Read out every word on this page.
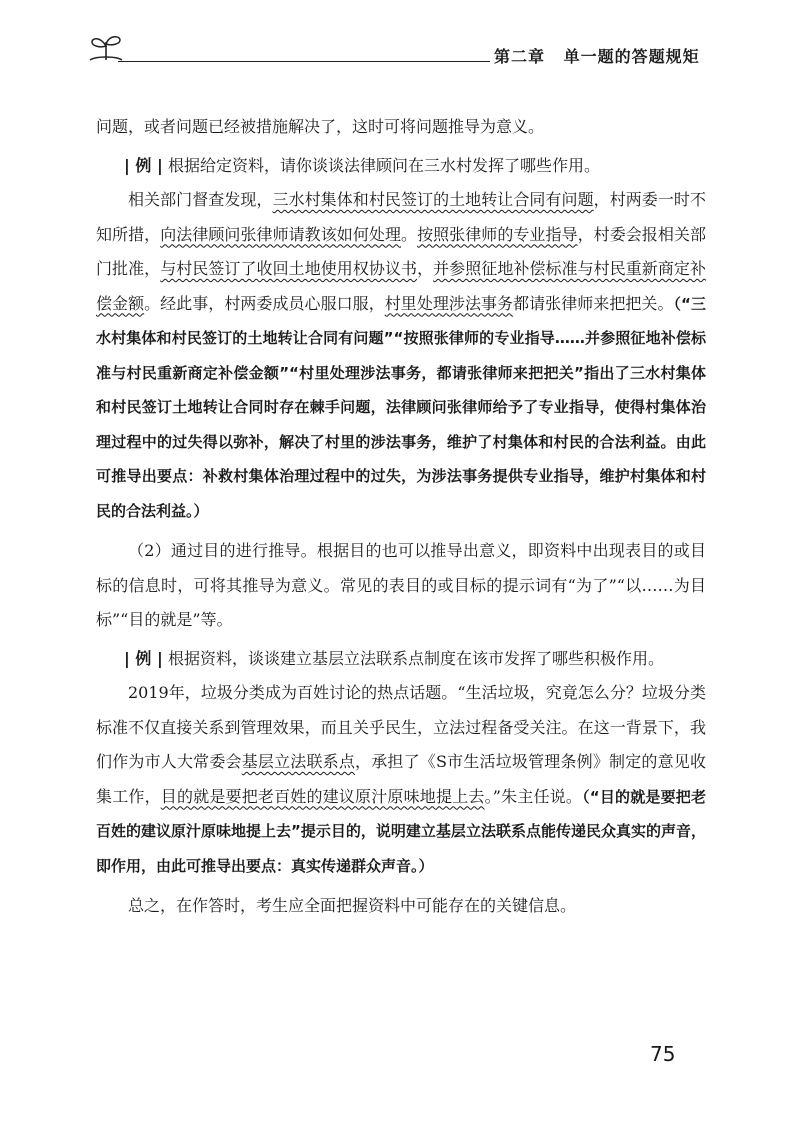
第二章 单一题的答题规矩

问题，或者问题已经被措施解决了，这时可将问题推导为意义。

| 例 | 根据给定资料，请你谈谈法律顾问在三水村发挥了哪些作用。

相关部门督查发现，三水村集体和村民签订的土地转让合同有问题，村两委一时不知所措，向法律顾问张律师请教该如何处理。按照张律师的专业指导，村委会报相关部门批准，与村民签订了收回土地使用权协议书，并参照征地补偿标准与村民重新商定补偿金额。经此事，村两委成员心服口服，村里处理涉法事务都请张律师来把把关。（“三水村集体和村民签订的土地转让合同有问题”“按照张律师的专业指导……并参照征地补偿标准与村民重新商定补偿金额”“村里处理涉法事务，都请张律师来把把关”指出了三水村集体和村民签订土地转让合同时存在棘手问题，法律顾问张律师给予了专业指导，使得村集体治理过程中的过失得以弥补，解决了村里的涉法事务，维护了村集体和村民的合法利益。由此可推导出要点：补救村集体治理过程中的过失，为涉法事务提供专业指导，维护村集体和村民的合法利益。）

（2）通过目的进行推导。根据目的也可以推导出意义，即资料中出现表目的或目标的信息时，可将其推导为意义。常见的表目的或目标的提示词有“为了”“以……为目标”“目的就是”等。

| 例 | 根据资料，谈谈建立基层立法联系点制度在该市发挥了哪些积极作用。

2019年，垃圾分类成为百姓讨论的热点话题。“生活垃圾，究竟怎么分？垃圾分类标准不仅直接关系到管理效果，而且关乎民生，立法过程备受关注。在这一背景下，我们作为市人大常委会基层立法联系点，承担了《S市生活垃圾管理条例》制定的意见收集工作，目的就是要把老百姓的建议原汁原味地提上去。”朱主任说。（“目的就是要把老百姓的建议原汁原味地提上去”提示目的，说明建立基层立法联系点能传递民众真实的声音，即作用，由此可推导出要点：真实传递群众声音。）

总之，在作答时，考生应全面把握资料中可能存在的关键信息。

75
